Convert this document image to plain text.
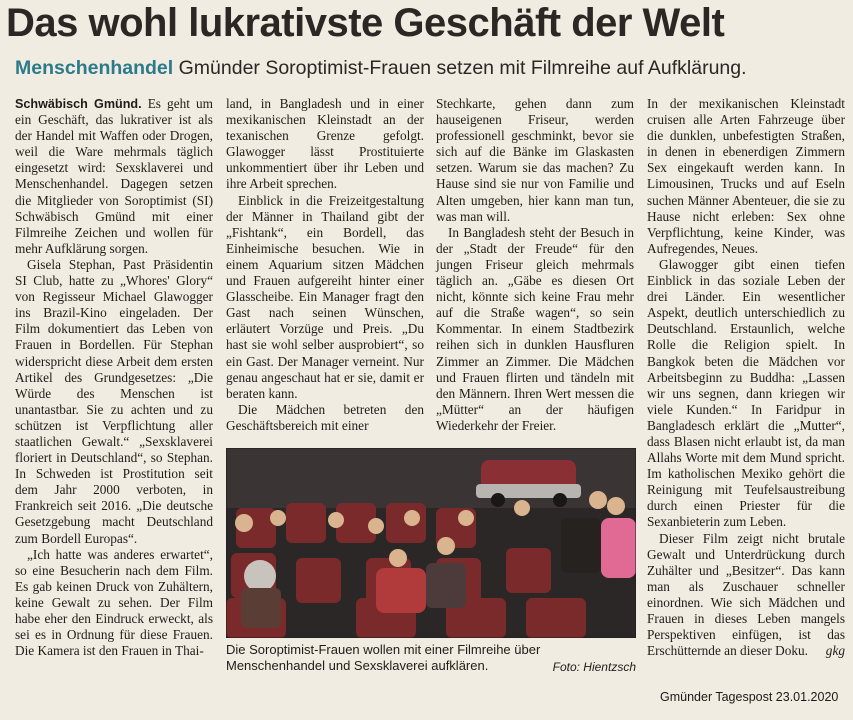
Das wohl lukrativste Geschäft der Welt
Menschenhandel Gmünder Soroptimist-Frauen setzen mit Filmreihe auf Aufklärung.

Schwäbisch Gmünd. Es geht um ein Geschäft, das lukrativer ist als der Handel mit Waffen oder Drogen, weil die Ware mehrmals täglich eingesetzt wird: Sexsklaverei und Menschenhandel. Dagegen setzen die Mitglieder von Soroptimist (SI) Schwäbisch Gmünd mit einer Filmreihe Zeichen und wollen für mehr Aufklärung sorgen.

Gisela Stephan, Past Präsidentin SI Club, hatte zu „Whores' Glory“ von Regisseur Michael Glawogger ins Brazil-Kino eingeladen. Der Film dokumentiert das Leben von Frauen in Bordellen. Für Stephan widerspricht diese Arbeit dem ersten Artikel des Grundgesetzes: „Die Würde des Menschen ist unantastbar. Sie zu achten und zu schützen ist Verpflichtung aller staatlichen Gewalt.“ „Sexsklaverei floriert in Deutschland“, so Stephan. In Schweden ist Prostitution seit dem Jahr 2000 verboten, in Frankreich seit 2016. „Die deutsche Gesetzgebung macht Deutschland zum Bordell Europas“.

„Ich hatte was anderes erwartet“, so eine Besucherin nach dem Film. Es gab keinen Druck von Zuhältern, keine Gewalt zu sehen. Der Film habe eher den Eindruck erweckt, als sei es in Ordnung für diese Frauen. Die Kamera ist den Frauen in Thai-

land, in Bangladesh und in einer mexikanischen Kleinstadt an der texanischen Grenze gefolgt. Glawogger lässt Prostituierte unkommentiert über ihr Leben und ihre Arbeit sprechen.

Einblick in die Freizeitgestaltung der Männer in Thailand gibt der „Fishtank“, ein Bordell, das Einheimische besuchen. Wie in einem Aquarium sitzen Mädchen und Frauen aufgereiht hinter einer Glasscheibe. Ein Manager fragt den Gast nach seinen Wünschen, erläutert Vorzüge und Preis. „Du hast sie wohl selber ausprobiert“, so ein Gast. Der Manager verneint. Nur genau angeschaut hat er sie, damit er beraten kann.

Die Mädchen betreten den Geschäftsbereich mit einer

Stechkarte, gehen dann zum hauseigenen Friseur, werden professionell geschminkt, bevor sie sich auf die Bänke im Glaskasten setzen. Warum sie das machen? Zu Hause sind sie nur von Familie und Alten umgeben, hier kann man tun, was man will.

In Bangladesh steht der Besuch in der „Stadt der Freude“ für den jungen Friseur gleich mehrmals täglich an. „Gäbe es diesen Ort nicht, könnte sich keine Frau mehr auf die Straße wagen“, so sein Kommentar. In einem Stadtbezirk reihen sich in dunklen Hausfluren Zimmer an Zimmer. Die Mädchen und Frauen flirten und tändeln mit den Männern. Ihren Wert messen die „Mütter“ an der häufigen Wiederkehr der Freier.

In der mexikanischen Kleinstadt cruisen alle Arten Fahrzeuge über die dunklen, unbefestigten Straßen, in denen in ebenerdigen Zimmern Sex eingekauft werden kann. In Limousinen, Trucks und auf Eseln suchen Männer Abenteuer, die sie zu Hause nicht erleben: Sex ohne Verpflichtung, keine Kinder, was Aufregendes, Neues.

Glawogger gibt einen tiefen Einblick in das soziale Leben der drei Länder. Ein wesentlicher Aspekt, deutlich unterschiedlich zu Deutschland. Erstaunlich, welche Rolle die Religion spielt. In Bangkok beten die Mädchen vor Arbeitsbeginn zu Buddha: „Lassen wir uns segnen, dann kriegen wir viele Kunden.“ In Faridpur in Bangladesch erklärt die „Mutter“, dass Blasen nicht erlaubt ist, da man Allahs Worte mit dem Mund spricht. Im katholischen Mexiko gehört die Reinigung mit Teufelsaustreibung durch einen Priester für die Sexanbieterin zum Leben.

Dieser Film zeigt nicht brutale Gewalt und Unterdrückung durch Zuhälter und „Besitzer“. Das kann man als Zuschauer schneller einordnen. Wie sich Mädchen und Frauen in dieses Leben mangels Perspektiven einfügen, ist das Erschütternde an dieser Doku.	gkg

Die Soroptimist-Frauen wollen mit einer Filmreihe über Menschenhandel und Sexsklaverei aufklären.	Foto: Hientzsch
Gmünder Tagespost 23.01.2020
